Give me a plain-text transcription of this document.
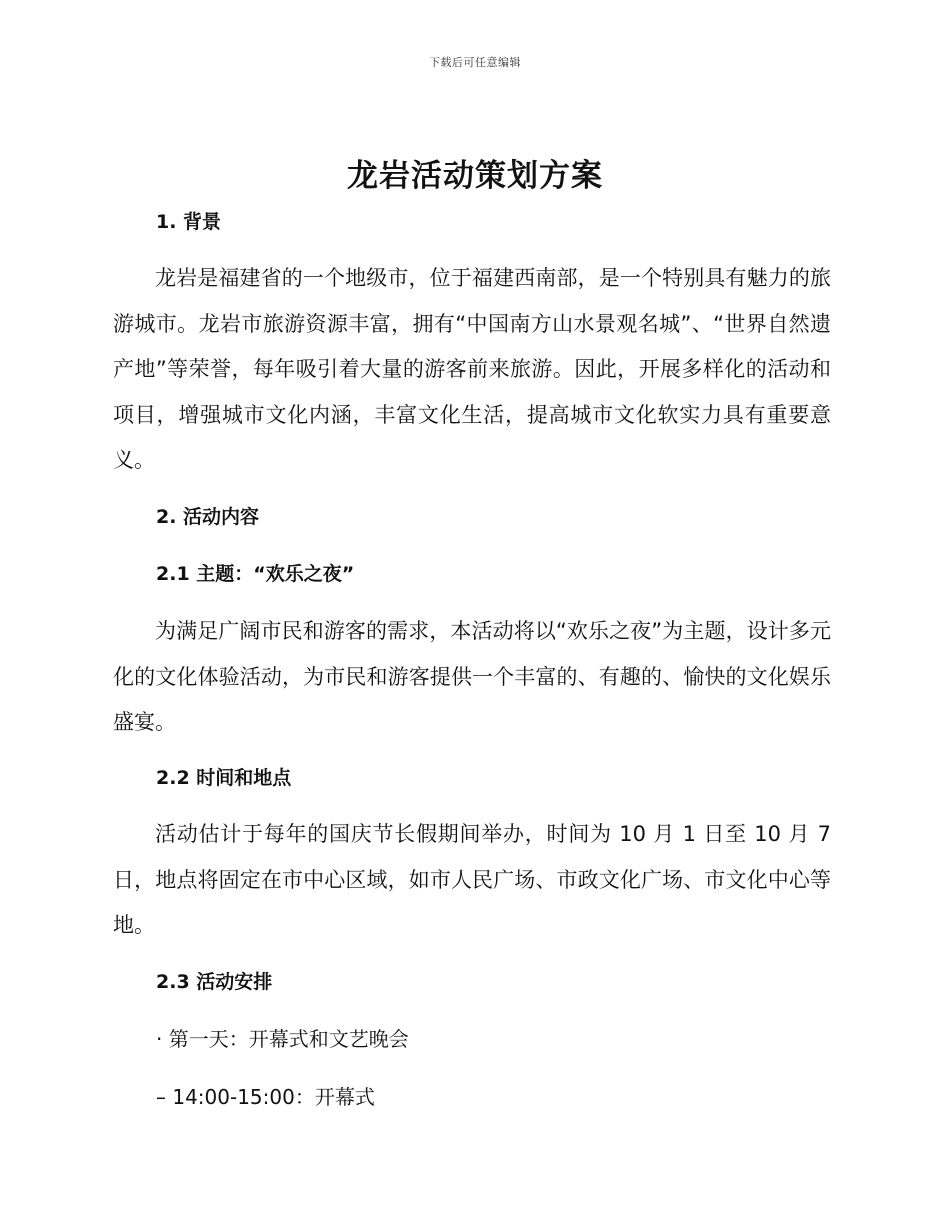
下载后可任意编辑
龙岩活动策划方案
1. 背景
龙岩是福建省的一个地级市，位于福建西南部，是一个特别具有魅力的旅游城市。龙岩市旅游资源丰富，拥有“中国南方山水景观名城”、“世界自然遗产地”等荣誉，每年吸引着大量的游客前来旅游。因此，开展多样化的活动和项目，增强城市文化内涵，丰富文化生活，提高城市文化软实力具有重要意义。
2. 活动内容
2.1 主题：“欢乐之夜”
为满足广阔市民和游客的需求，本活动将以“欢乐之夜”为主题，设计多元化的文化体验活动，为市民和游客提供一个丰富的、有趣的、愉快的文化娱乐盛宴。
2.2 时间和地点
活动估计于每年的国庆节长假期间举办，时间为 10 月 1 日至 10 月 7 日，地点将固定在市中心区域，如市人民广场、市政文化广场、市文化中心等地。
2.3 活动安排
· 第一天：开幕式和文艺晚会
– 14:00-15:00：开幕式
